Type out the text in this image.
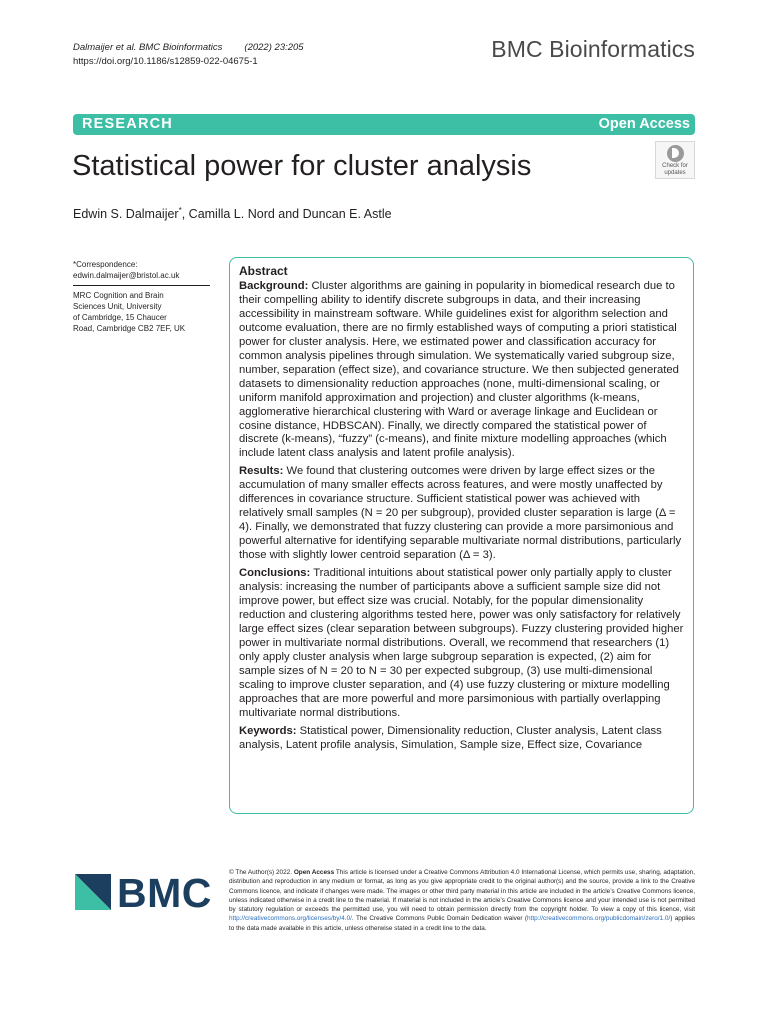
Dalmaijer et al. BMC Bioinformatics (2022) 23:205
https://doi.org/10.1186/s12859-022-04675-1	BMC Bioinformatics
RESEARCH	Open Access
Statistical power for cluster analysis	Check for
updates
Edwin S. Dalmaijer*, Camilla L. Nord and Duncan E. Astle

*Correspondence:

edwin.dalmaijer@bristol.ac.uk

MRC Cognition and Brain

Sciences Unit, University

of Cambridge, 15 Chaucer

Road, Cambridge CB2 7EF, UK

Abstract

Background: Cluster algorithms are gaining in popularity in biomedical research due to their compelling ability to identify discrete subgroups in data, and their increasing accessibility in mainstream software. While guidelines exist for algorithm selection and outcome evaluation, there are no firmly established ways of computing a priori statistical power for cluster analysis. Here, we estimated power and classification accuracy for common analysis pipelines through simulation. We systematically varied subgroup size, number, separation (effect size), and covariance structure. We then subjected generated datasets to dimensionality reduction approaches (none, multi-dimensional scaling, or uniform manifold approximation and projection) and cluster algorithms (k-means, agglomerative hierarchical clustering with Ward or average linkage and Euclidean or cosine distance, HDBSCAN). Finally, we directly compared the statistical power of discrete (k-means), “fuzzy” (c-means), and finite mixture modelling approaches (which include latent class analysis and latent profile analysis).

Results: We found that clustering outcomes were driven by large effect sizes or the accumulation of many smaller effects across features, and were mostly unaffected by differences in covariance structure. Sufficient statistical power was achieved with relatively small samples (N = 20 per subgroup), provided cluster separation is large (Δ = 4). Finally, we demonstrated that fuzzy clustering can provide a more parsimonious and powerful alternative for identifying separable multivariate normal distributions, particularly those with slightly lower centroid separation (Δ = 3).

Conclusions: Traditional intuitions about statistical power only partially apply to cluster analysis: increasing the number of participants above a sufficient sample size did not improve power, but effect size was crucial. Notably, for the popular dimensionality reduction and clustering algorithms tested here, power was only satisfactory for relatively large effect sizes (clear separation between subgroups). Fuzzy clustering provided higher power in multivariate normal distributions. Overall, we recommend that researchers (1) only apply cluster analysis when large subgroup separation is expected, (2) aim for sample sizes of N = 20 to N = 30 per expected subgroup, (3) use multi-dimensional scaling to improve cluster separation, and (4) use fuzzy clustering or mixture modelling approaches that are more powerful and more parsimonious with partially overlapping multivariate normal distributions.

Keywords: Statistical power, Dimensionality reduction, Cluster analysis, Latent class analysis, Latent profile analysis, Simulation, Sample size, Effect size, Covariance

BMC	© The Author(s) 2022. Open Access This article is licensed under a Creative Commons Attribution 4.0 International License, which permits use, sharing, adaptation, distribution and reproduction in any medium or format, as long as you give appropriate credit to the original author(s) and the source, provide a link to the Creative Commons licence, and indicate if changes were made. The images or other third party material in this article are included in the article’s Creative Commons licence, unless indicated otherwise in a credit line to the material. If material is not included in the article’s Creative Commons licence and your intended use is not permitted by statutory regulation or exceeds the permitted use, you will need to obtain permission directly from the copyright holder. To view a copy of this licence, visit http://creativecommons.org/licenses/by/4.0/. The Creative Commons Public Domain Dedication waiver (http://creativecommons.org/publicdomain/zero/1.0/) applies to the data made available in this article, unless otherwise stated in a credit line to the data.
